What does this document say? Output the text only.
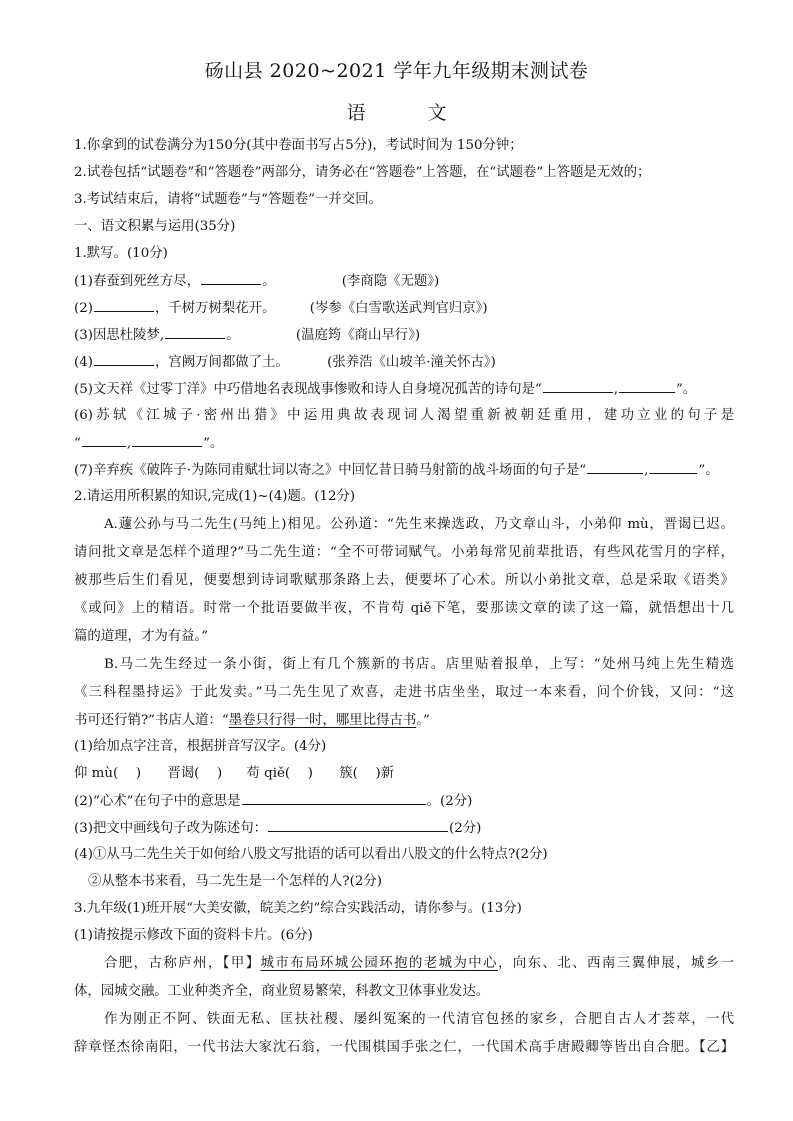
砀山县 2020~2021 学年九年级期末测试卷
语	文
1.你拿到的试卷满分为150分(其中卷面书写占5分)，考试时间为 150分钟；
2.试卷包括“试题卷”和“答题卷”两部分，请务必在“答题卷”上答题，在“试题卷”上答题是无效的；
3.考试结束后，请将“试题卷”与“答题卷”一并交回。
一、语文积累与运用(35分)
1.默写。(10分)
(1)春蚕到死丝方尽，	。	(李商隐《无题》)
(2)	，千树万树梨花开。	(岑参《白雪歌送武判官归京》)
(3)因思杜陵梦,	。	(温庭筠《商山早行》)
(4)	，宫阙万间都做了土。	(张养浩《山坡羊·潼关怀古》)
(5)文天祥《过零丁洋》中巧借地名表现战事惨败和诗人自身境况孤苦的诗句是“	,	”。
(6)苏轼《江城子·密州出猎》中运用典故表现词人渴望重新被朝廷重用，建功立业的句子是
“	,	”。
(7)辛弃疾《破阵子·为陈同甫赋壮词以寄之》中回忆昔日骑马射箭的战斗场面的句子是“	,	”。
2.请运用所积累的知识,完成(1)~(4)题。(12分)
A.蘧公孙与马二先生(马纯上)相见。公孙道：“先生来操选政，乃文章山斗，小弟仰 mù，晋谒已迟。
请问批文章是怎样个道理?”马二先生道：“全不可带词赋气。小弟每常见前辈批语，有些风花雪月的字样，
被那些后生们看见，便要想到诗词歌赋那条路上去，便要坏了心术。所以小弟批文章，总是采取《语类》
《或问》上的精语。时常一个批语要做半夜，不肯苟 qiě下笔，要那读文章的读了这一篇，就悟想出十几
篇的道理，才为有益。”
B.马二先生经过一条小街，街上有几个簇新的书店。店里贴着报单，上写：“处州马纯上先生精选
《三科程墨持运》于此发卖。”马二先生见了欢喜，走进书店坐坐，取过一本来看，问个价钱，又问：“这
书可还行销?”书店人道：“墨卷只行得一时，哪里比得古书。”
(1)给加点字注音，根据拼音写汉字。(4分)
仰 mù(　 ) 晋谒(　 ) 苟 qiě(　 ) 簇(　 )新
(2)“心术”在句子中的意思是	。(2分)
(3)把文中画线句子改为陈述句：	(2分)
(4)①从马二先生关于如何给八股文写批语的话可以看出八股文的什么特点?(2分)
②从整本书来看，马二先生是一个怎样的人?(2分)
3.九年级(1)班开展“大美安徽，皖美之约”综合实践活动，请你参与。(13分)
(1)请按提示修改下面的资料卡片。(6分)
合肥，古称庐州，【甲】城市布局环城公园环抱的老城为中心，向东、北、西南三翼伸展，城乡一
体，园城交融。工业种类齐全，商业贸易繁荣，科教文卫体事业发达。
作为刚正不阿、铁面无私、匡扶社稷、屡纠冤案的一代清官包拯的家乡，合肥自古人才荟萃，一代
辞章怪杰徐南阳，一代书法大家沈石翁，一代围棋国手张之仁，一代国术高手唐殿卿等皆出自合肥。【乙】
